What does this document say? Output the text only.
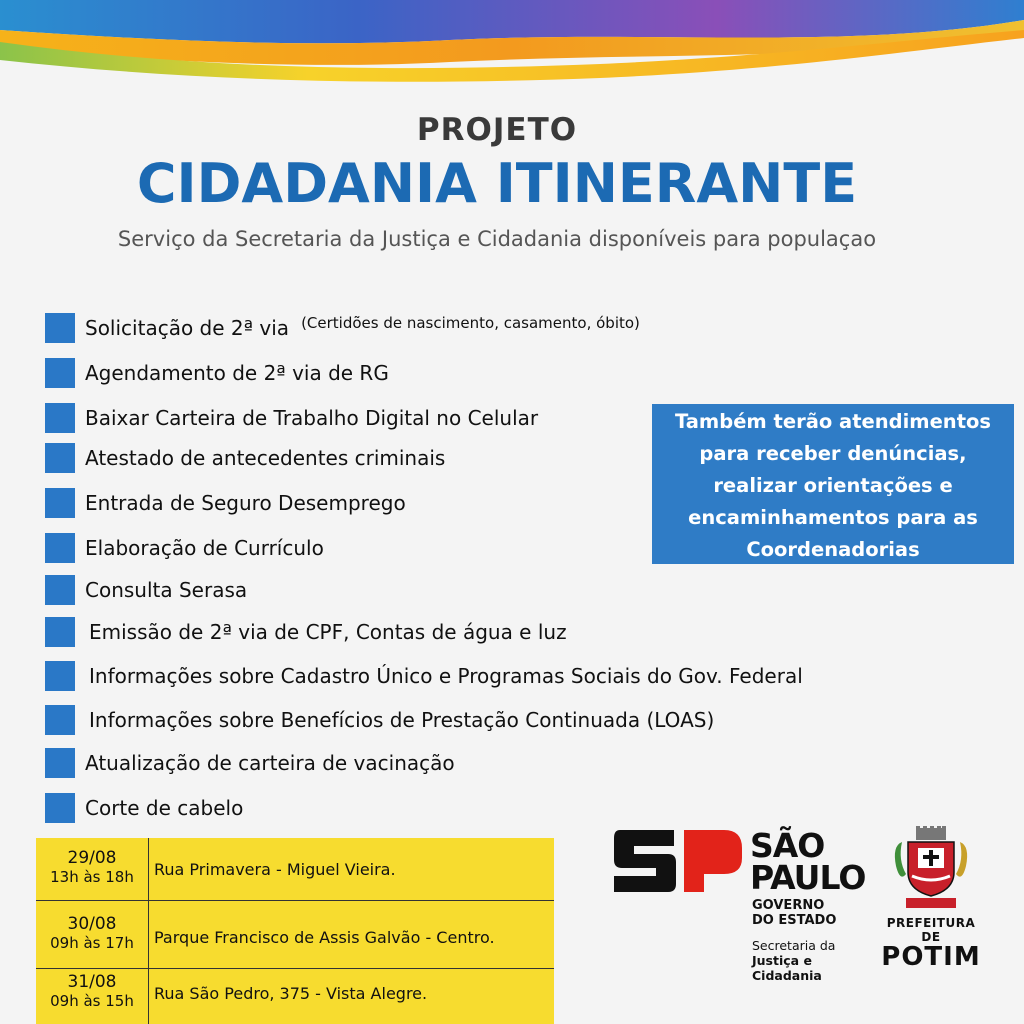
PROJETO
CIDADANIA ITINERANTE
Serviço da Secretaria da Justiça e Cidadania disponíveis para populaçao
Solicitação de 2ª via (Certidões de nascimento, casamento, óbito)
Agendamento de 2ª via de RG
Baixar Carteira de Trabalho Digital no Celular
Atestado de antecedentes criminais
Entrada de Seguro Desemprego
Elaboração de Currículo
Consulta Serasa
Emissão de 2ª via de CPF, Contas de água e luz
Informações sobre Cadastro Único e Programas Sociais do Gov. Federal
Informações sobre Benefícios de Prestação Continuada (LOAS)
Atualização de carteira de vacinação
Corte de cabelo
Também terão atendimentos
para receber denúncias,
realizar orientações e
encaminhamentos para as
Coordenadorias
29/08
13h às 18h	Rua Primavera - Miguel Vieira.
30/08
09h às 17h	Parque Francisco de Assis Galvão - Centro.
31/08
09h às 15h	Rua São Pedro, 375 - Vista Alegre.
SÃO
PAULO
GOVERNO
DO ESTADO
Secretaria da
Justiça e
Cidadania
PREFEITURA DE
POTIM
